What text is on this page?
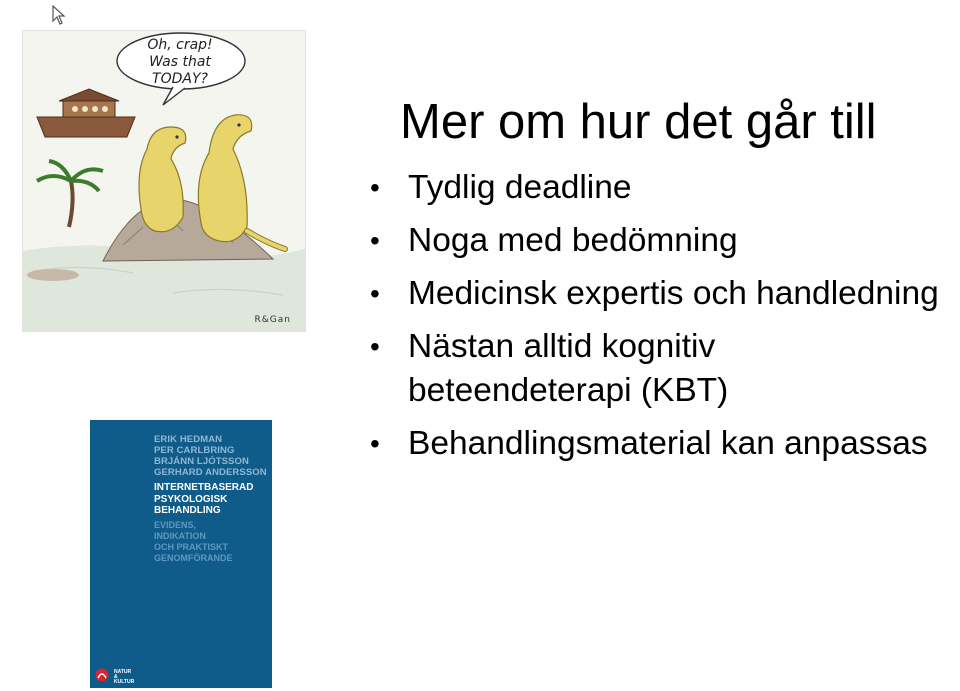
Oh, crap!
Was that
TODAY?
R&Gan
ERIK HEDMAN
PER CARLBRING
BRJÁNN LJÓTSSON
GERHARD ANDERSSON
INTERNETBASERAD
PSYKOLOGISK
BEHANDLING
EVIDENS,
INDIKATION
OCH PRAKTISKT
GENOMFÖRANDE
NATUR & KULTUR
Mer om hur det går till
• Tydlig deadline
• Noga med bedömning
• Medicinsk expertis och handledning
• Nästan alltid kognitiv beteendeterapi (KBT)
• Behandlingsmaterial kan anpassas
